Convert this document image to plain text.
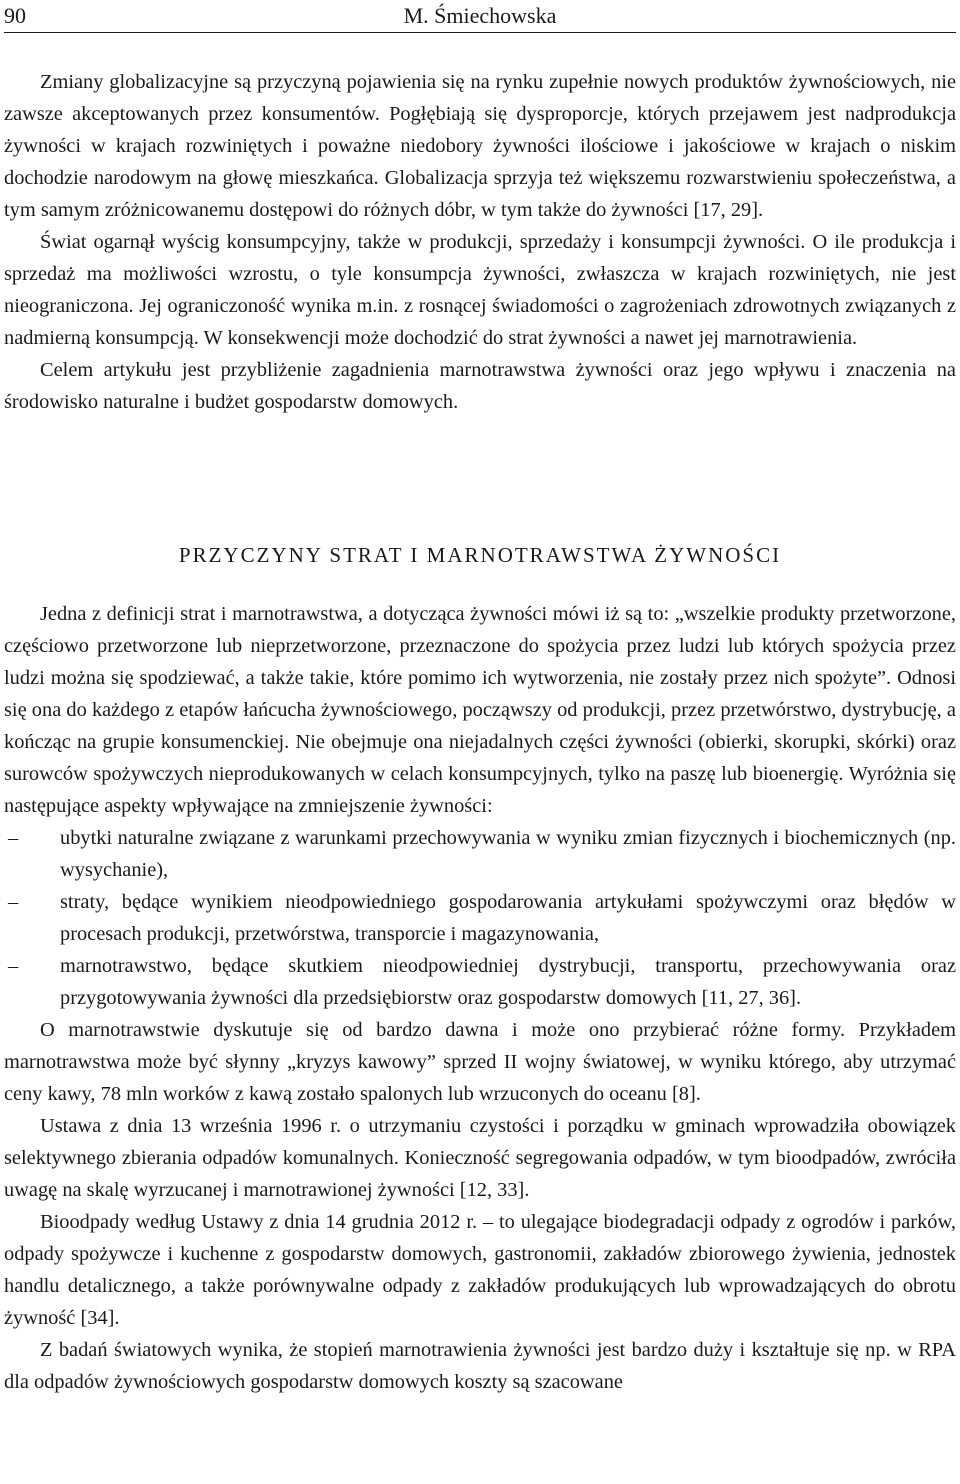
90	M. Śmiechowska

Zmiany globalizacyjne są przyczyną pojawienia się na rynku zupełnie nowych produktów żywnościowych, nie zawsze akceptowanych przez konsumentów. Pogłębiają się dysproporcje, których przejawem jest nadprodukcja żywności w krajach rozwiniętych i poważne niedobory żywności ilościowe i jakościowe w krajach o niskim dochodzie narodowym na głowę mieszkańca. Globalizacja sprzyja też większemu rozwarstwieniu społeczeństwa, a tym samym zróżnicowanemu dostępowi do różnych dóbr, w tym także do żywności [17, 29].

Świat ogarnął wyścig konsumpcyjny, także w produkcji, sprzedaży i konsumpcji żywności. O ile produkcja i sprzedaż ma możliwości wzrostu, o tyle konsumpcja żywności, zwłaszcza w krajach rozwiniętych, nie jest nieograniczona. Jej ograniczoność wynika m.in. z rosnącej świadomości o zagrożeniach zdrowotnych związanych z nadmierną konsumpcją. W konsekwencji może dochodzić do strat żywności a nawet jej marnotrawienia.

Celem artykułu jest przybliżenie zagadnienia marnotrawstwa żywności oraz jego wpływu i znaczenia na środowisko naturalne i budżet gospodarstw domowych.

PRZYCZYNY STRAT I MARNOTRAWSTWA ŻYWNOŚCI

Jedna z definicji strat i marnotrawstwa, a dotycząca żywności mówi iż są to: „wszelkie produkty przetworzone, częściowo przetworzone lub nieprzetworzone, przeznaczone do spożycia przez ludzi lub których spożycia przez ludzi można się spodziewać, a także takie, które pomimo ich wytworzenia, nie zostały przez nich spożyte”. Odnosi się ona do każdego z etapów łańcucha żywnościowego, począwszy od produkcji, przez przetwórstwo, dystrybucję, a kończąc na grupie konsumenckiej. Nie obejmuje ona niejadalnych części żywności (obierki, skorupki, skórki) oraz surowców spożywczych nieprodukowanych w celach konsumpcyjnych, tylko na paszę lub bioenergię. Wyróżnia się następujące aspekty wpływające na zmniejszenie żywności:

– ubytki naturalne związane z warunkami przechowywania w wyniku zmian fizycznych i biochemicznych (np. wysychanie),
– straty, będące wynikiem nieodpowiedniego gospodarowania artykułami spożywczymi oraz błędów w procesach produkcji, przetwórstwa, transporcie i magazynowania,
– marnotrawstwo, będące skutkiem nieodpowiedniej dystrybucji, transportu, przechowywania oraz przygotowywania żywności dla przedsiębiorstw oraz gospodarstw domowych [11, 27, 36].

O marnotrawstwie dyskutuje się od bardzo dawna i może ono przybierać różne formy. Przykładem marnotrawstwa może być słynny „kryzys kawowy” sprzed II wojny światowej, w wyniku którego, aby utrzymać ceny kawy, 78 mln worków z kawą zostało spalonych lub wrzuconych do oceanu [8].

Ustawa z dnia 13 września 1996 r. o utrzymaniu czystości i porządku w gminach wprowadziła obowiązek selektywnego zbierania odpadów komunalnych. Konieczność segregowania odpadów, w tym bioodpadów, zwróciła uwagę na skalę wyrzucanej i marnotrawionej żywności [12, 33].

Bioodpady według Ustawy z dnia 14 grudnia 2012 r. – to ulegające biodegradacji odpady z ogrodów i parków, odpady spożywcze i kuchenne z gospodarstw domowych, gastronomii, zakładów zbiorowego żywienia, jednostek handlu detalicznego, a także porównywalne odpady z zakładów produkujących lub wprowadzających do obrotu żywność [34].

Z badań światowych wynika, że stopień marnotrawienia żywności jest bardzo duży i kształtuje się np. w RPA dla odpadów żywnościowych gospodarstw domowych koszty są szacowane
